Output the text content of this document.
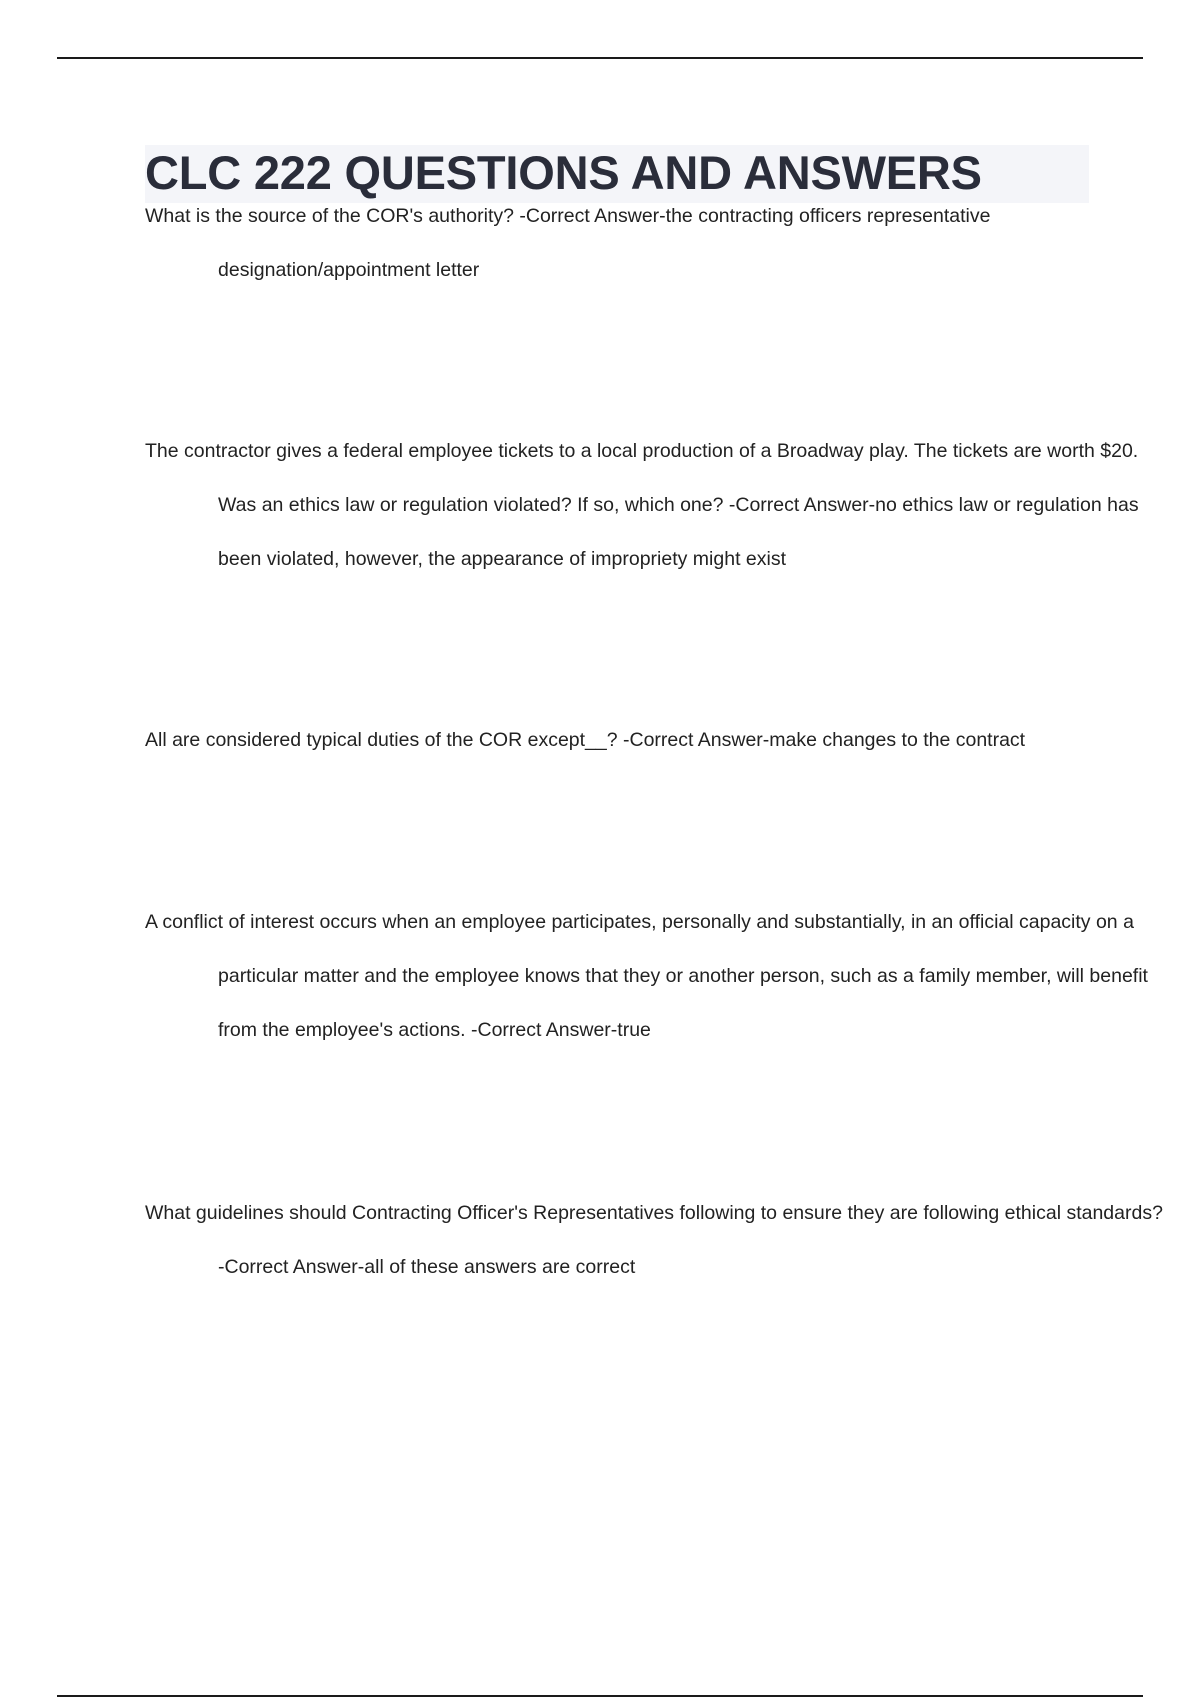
CLC 222 QUESTIONS AND ANSWERS

What is the source of the COR's authority? -Correct Answer-the contracting officers representative designation/appointment letter

The contractor gives a federal employee tickets to a local production of a Broadway play. The tickets are worth $20. Was an ethics law or regulation violated? If so, which one? -Correct Answer-no ethics law or regulation has been violated, however, the appearance of impropriety might exist

All are considered typical duties of the COR except__? -Correct Answer-make changes to the contract

A conflict of interest occurs when an employee participates, personally and substantially, in an official capacity on a particular matter and the employee knows that they or another person, such as a family member, will benefit from the employee's actions. -Correct Answer-true

What guidelines should Contracting Officer's Representatives following to ensure they are following ethical standards? -Correct Answer-all of these answers are correct
